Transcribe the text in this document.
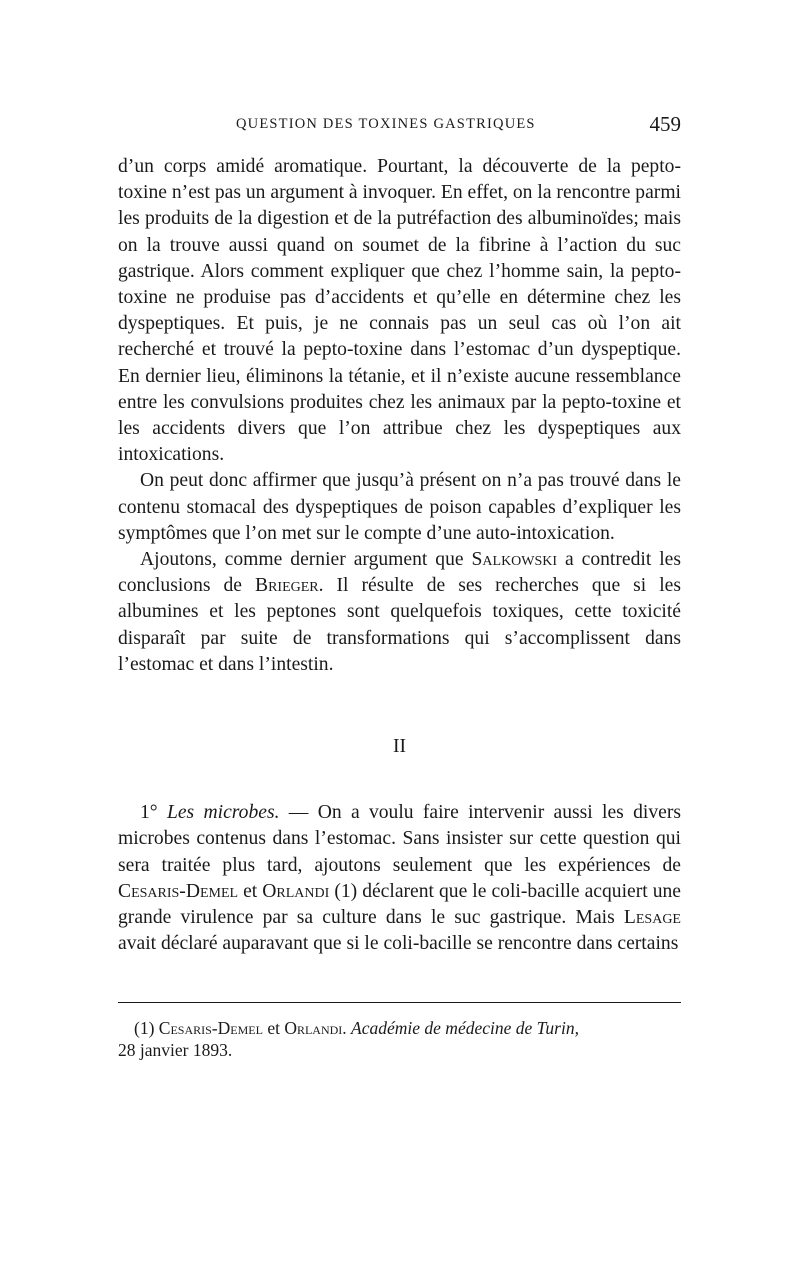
QUESTION DES TOXINES GASTRIQUES	459

d’un corps amidé aromatique. Pourtant, la découverte de la pepto-toxine n’est pas un argument à invoquer. En effet, on la rencontre parmi les produits de la digestion et de la putréfaction des albuminoïdes; mais on la trouve aussi quand on soumet de la fibrine à l’action du suc gastrique. Alors comment expliquer que chez l’homme sain, la pepto-toxine ne produise pas d’accidents et qu’elle en détermine chez les dyspeptiques. Et puis, je ne connais pas un seul cas où l’on ait recherché et trouvé la pepto-toxine dans l’estomac d’un dyspeptique. En dernier lieu, éliminons la tétanie, et il n’existe aucune ressemblance entre les convulsions produites chez les animaux par la pepto-toxine et les accidents divers que l’on attribue chez les dyspeptiques aux intoxications.

On peut donc affirmer que jusqu’à présent on n’a pas trouvé dans le contenu stomacal des dyspeptiques de poison capables d’expliquer les symptômes que l’on met sur le compte d’une auto-intoxication.

Ajoutons, comme dernier argument que Salkowski a contredit les conclusions de Brieger. Il résulte de ses recherches que si les albumines et les peptones sont quelquefois toxiques, cette toxicité disparaît par suite de transformations qui s’accomplissent dans l’estomac et dans l’intestin.

II

1° Les microbes. — On a voulu faire intervenir aussi les divers microbes contenus dans l’estomac. Sans insister sur cette question qui sera traitée plus tard, ajoutons seulement que les expériences de Cesaris-Demel et Orlandi (1) déclarent que le coli-bacille acquiert une grande virulence par sa culture dans le suc gastrique. Mais Lesage avait déclaré auparavant que si le coli-bacille se rencontre dans certains

(1) Cesaris-Demel et Orlandi. Académie de médecine de Turin,
28 janvier 1893.
